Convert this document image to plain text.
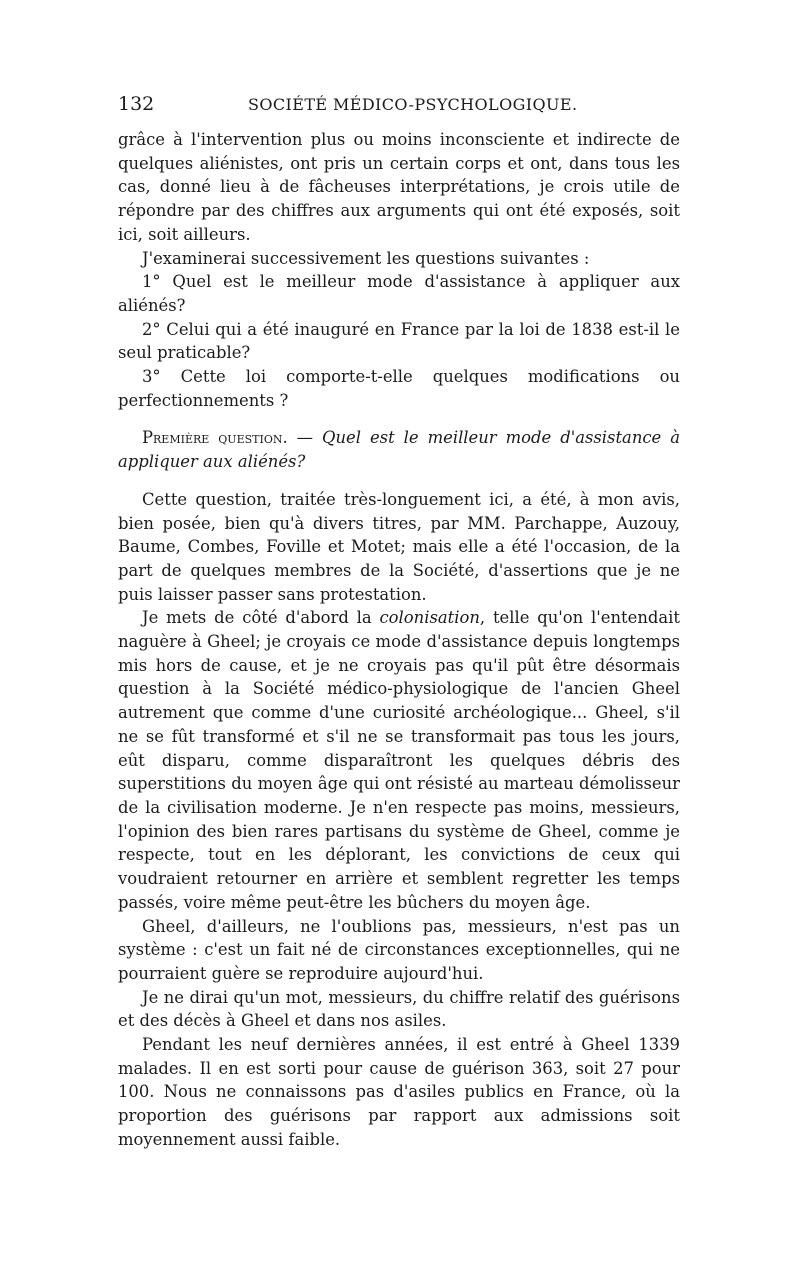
132	SOCIÉTÉ MÉDICO-PSYCHOLOGIQUE.

grâce à l'intervention plus ou moins inconsciente et indirecte de quelques aliénistes, ont pris un certain corps et ont, dans tous les cas, donné lieu à de fâcheuses interprétations, je crois utile de répondre par des chiffres aux arguments qui ont été exposés, soit ici, soit ailleurs.

J'examinerai successivement les questions suivantes :

1° Quel est le meilleur mode d'assistance à appliquer aux aliénés?

2° Celui qui a été inauguré en France par la loi de 1838 est-il le seul praticable?

3° Cette loi comporte-t-elle quelques modifications ou perfectionnements ?

Première question. — Quel est le meilleur mode d'assistance à appliquer aux aliénés?

Cette question, traitée très-longuement ici, a été, à mon avis, bien posée, bien qu'à divers titres, par MM. Parchappe, Auzouy, Baume, Combes, Foville et Motet; mais elle a été l'occasion, de la part de quelques membres de la Société, d'assertions que je ne puis laisser passer sans protestation.

Je mets de côté d'abord la colonisation, telle qu'on l'entendait naguère à Gheel; je croyais ce mode d'assistance depuis longtemps mis hors de cause, et je ne croyais pas qu'il pût être désormais question à la Société médico-physiologique de l'ancien Gheel autrement que comme d'une curiosité archéologique... Gheel, s'il ne se fût transformé et s'il ne se transformait pas tous les jours, eût disparu, comme disparaîtront les quelques débris des superstitions du moyen âge qui ont résisté au marteau démolisseur de la civilisation moderne. Je n'en respecte pas moins, messieurs, l'opinion des bien rares partisans du système de Gheel, comme je respecte, tout en les déplorant, les convictions de ceux qui voudraient retourner en arrière et semblent regretter les temps passés, voire même peut-être les bûchers du moyen âge.

Gheel, d'ailleurs, ne l'oublions pas, messieurs, n'est pas un système : c'est un fait né de circonstances exceptionnelles, qui ne pourraient guère se reproduire aujourd'hui.

Je ne dirai qu'un mot, messieurs, du chiffre relatif des guérisons et des décès à Gheel et dans nos asiles.

Pendant les neuf dernières années, il est entré à Gheel 1339 malades. Il en est sorti pour cause de guérison 363, soit 27 pour 100. Nous ne connaissons pas d'asiles publics en France, où la proportion des guérisons par rapport aux admissions soit moyennement aussi faible.
